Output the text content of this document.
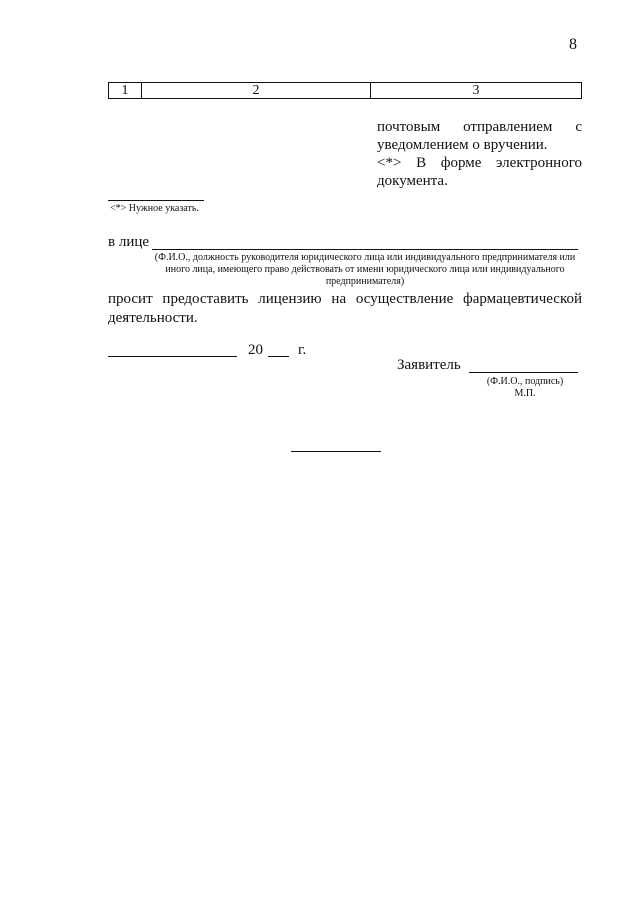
8
1	2	3

почтовым отправлением с уведомлением о вручении.

<*> В форме электронного документа.

<*> Нужное указать.
в лице
(Ф.И.О., должность руководителя юридического лица или индивидуального предпринимателя или иного лица, имеющего право действовать от имени юридического лица или индивидуального предпринимателя)
просит предоставить лицензию на осуществление фармацевтической деятельности.
20 г.
Заявитель
(Ф.И.О., подпись)
М.П.
